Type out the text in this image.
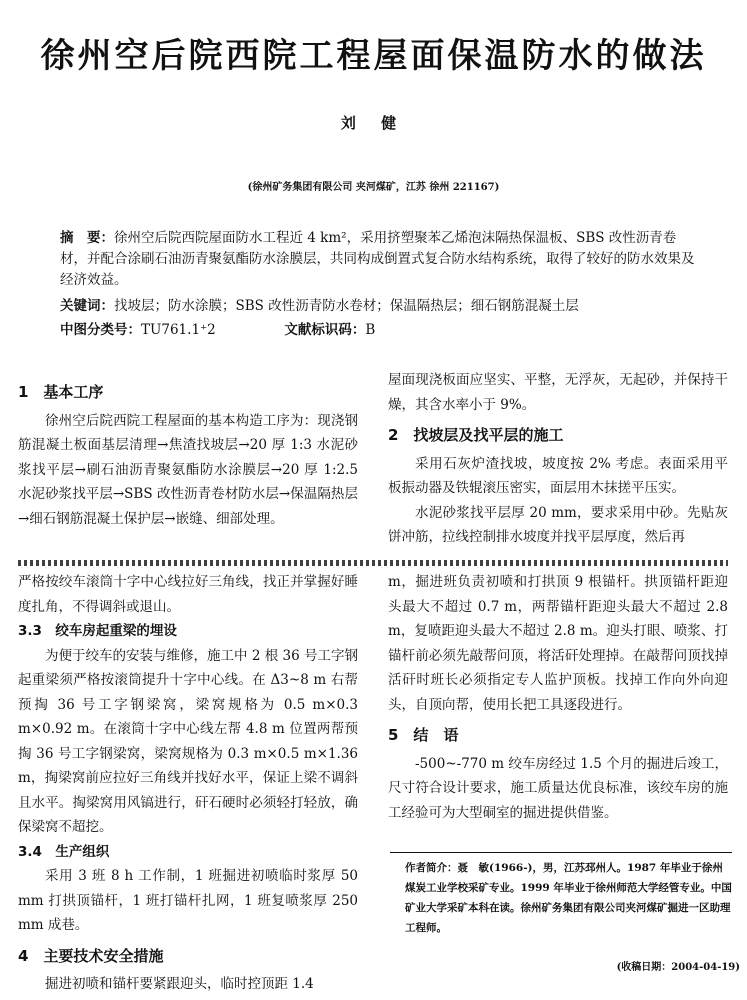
徐州空后院西院工程屋面保温防水的做法
刘 健
(徐州矿务集团有限公司 夹河煤矿，江苏 徐州 221167)
摘　要：徐州空后院西院屋面防水工程近 4 km²，采用挤塑聚苯乙烯泡沫隔热保温板、SBS 改性沥青卷材，并配合涂刷石油沥青聚氨酯防水涂膜层，共同构成倒置式复合防水结构系统，取得了较好的防水效果及经济效益。
关键词：找坡层；防水涂膜；SBS 改性沥青防水卷材；保温隔热层；细石钢筋混凝土层
中图分类号：TU761.1⁺2	文献标识码：B
1　基本工序

徐州空后院西院工程屋面的基本构造工序为：现浇钢筋混凝土板面基层清理→焦渣找坡层→20 厚 1:3 水泥砂浆找平层→刷石油沥青聚氨酯防水涂膜层→20 厚 1:2.5 水泥砂浆找平层→SBS 改性沥青卷材防水层→保温隔热层→细石钢筋混凝土保护层→嵌缝、细部处理。

屋面现浇板面应坚实、平整，无浮灰，无起砂，并保持干燥，其含水率小于 9%。

2　找坡层及找平层的施工

采用石灰炉渣找坡，坡度按 2% 考虑。表面采用平板振动器及铁辊滚压密实，面层用木抹搓平压实。

水泥砂浆找平层厚 20 mm，要求采用中砂。先贴灰饼冲筋，拉线控制排水坡度并找平层厚度，然后再

严格按绞车滚筒十字中心线拉好三角线，找正并掌握好睡度扎角，不得调斜或退山。

3.3　绞车房起重梁的埋设

为便于绞车的安装与维修，施工中 2 根 36 号工字钢起重梁须严格按滚筒提升十字中心线。在 Δ3~8 m 右帮预掏 36 号工字钢梁窝，梁窝规格为 0.5 m×0.3 m×0.92 m。在滚筒十字中心线左帮 4.8 m 位置两帮预掏 36 号工字钢梁窝，梁窝规格为 0.3 m×0.5 m×1.36 m，掏梁窝前应拉好三角线并找好水平，保证上梁不调斜且水平。掏梁窝用风镐进行，矸石硬时必须轻打轻放，确保梁窝不超挖。

3.4　生产组织

采用 3 班 8 h 工作制，1 班掘进初喷临时浆厚 50 mm 打拱顶锚杆，1 班打锚杆扎网，1 班复喷浆厚 250 mm 成巷。

4　主要技术安全措施

掘进初喷和锚杆要紧跟迎头，临时控顶距 1.4

m，掘进班负责初喷和打拱顶 9 根锚杆。拱顶锚杆距迎头最大不超过 0.7 m，两帮锚杆距迎头最大不超过 2.8 m，复喷距迎头最大不超过 2.8 m。迎头打眼、喷浆、打锚杆前必须先敲帮问顶，将活矸处理掉。在敲帮问顶找掉活矸时班长必须指定专人监护顶板。找掉工作向外向迎头，自顶向帮，使用长把工具逐段进行。

5　结　语

-500~-770 m 绞车房经过 1.5 个月的掘进后竣工，尺寸符合设计要求，施工质量达优良标准，该绞车房的施工经验可为大型硐室的掘进提供借鉴。

作者简介：聂　敏(1966-)，男，江苏邳州人。1987 年毕业于徐州煤炭工业学校采矿专业。1999 年毕业于徐州师范大学经管专业。中国矿业大学采矿本科在读。徐州矿务集团有限公司夹河煤矿掘进一区助理工程师。
(收稿日期：2004-04-19)
